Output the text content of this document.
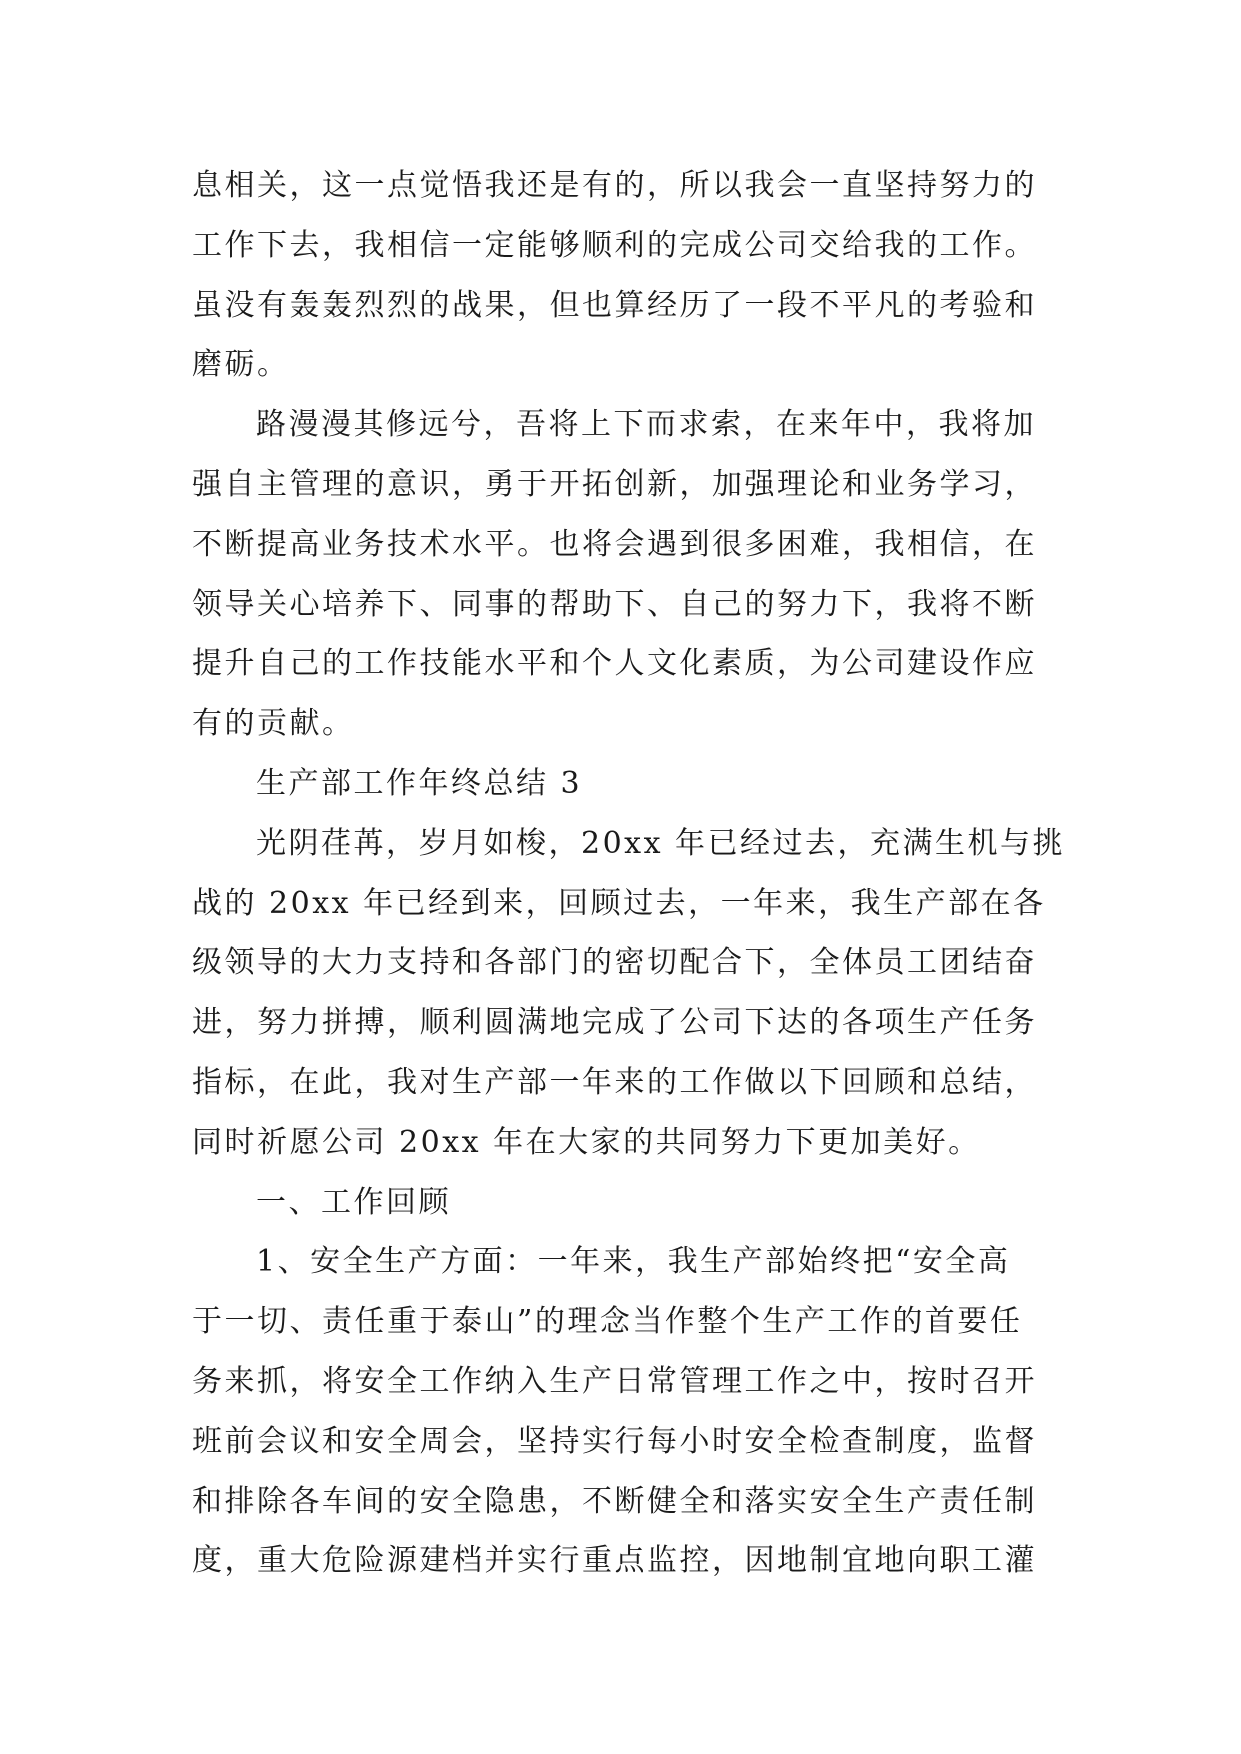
息相关，这一点觉悟我还是有的，所以我会一直坚持努力的
工作下去，我相信一定能够顺利的完成公司交给我的工作。
虽没有轰轰烈烈的战果，但也算经历了一段不平凡的考验和
磨砺。
路漫漫其修远兮，吾将上下而求索，在来年中，我将加
强自主管理的意识，勇于开拓创新，加强理论和业务学习，
不断提高业务技术水平。也将会遇到很多困难，我相信，在
领导关心培养下、同事的帮助下、自己的努力下，我将不断
提升自己的工作技能水平和个人文化素质，为公司建设作应
有的贡献。
生产部工作年终总结 3
光阴荏苒，岁月如梭，20xx 年已经过去，充满生机与挑
战的 20xx 年已经到来，回顾过去，一年来，我生产部在各
级领导的大力支持和各部门的密切配合下，全体员工团结奋
进，努力拼搏，顺利圆满地完成了公司下达的各项生产任务
指标，在此，我对生产部一年来的工作做以下回顾和总结，
同时祈愿公司 20xx 年在大家的共同努力下更加美好。
一、工作回顾
1、安全生产方面：一年来，我生产部始终把“安全高
于一切、责任重于泰山”的理念当作整个生产工作的首要任
务来抓，将安全工作纳入生产日常管理工作之中，按时召开
班前会议和安全周会，坚持实行每小时安全检查制度，监督
和排除各车间的安全隐患，不断健全和落实安全生产责任制
度，重大危险源建档并实行重点监控，因地制宜地向职工灌
